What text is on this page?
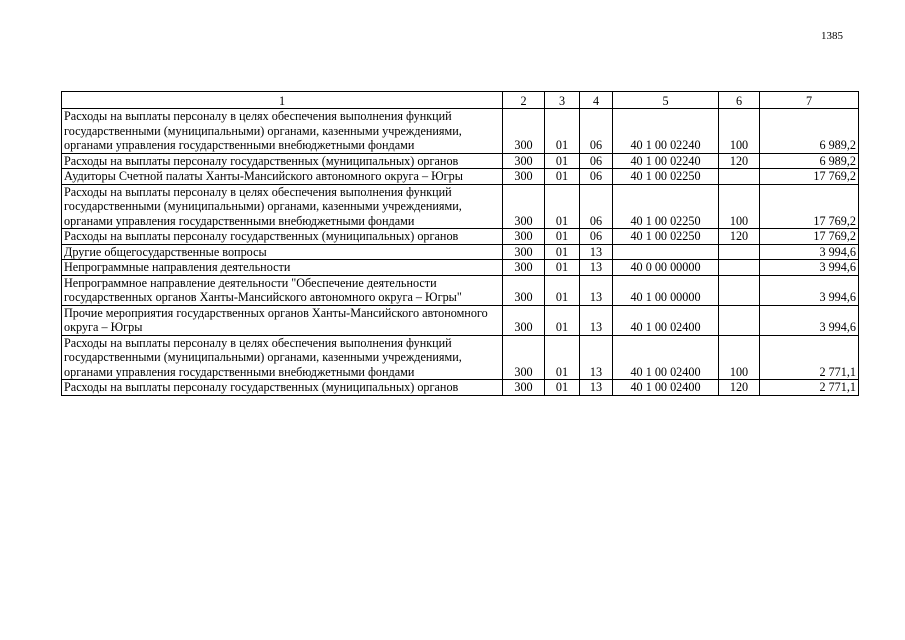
1385
1	2	3	4	5	6	7
Расходы на выплаты персоналу в целях обеспечения выполнения функций государственными (муниципальными) органами, казенными учреждениями, органами управления государственными внебюджетными фондами	300	01	06	40 1 00 02240	100	6 989,2
Расходы на выплаты персоналу государственных (муниципальных) органов	300	01	06	40 1 00 02240	120	6 989,2
Аудиторы Счетной палаты Ханты-Мансийского автономного округа – Югры	300	01	06	40 1 00 02250		17 769,2
Расходы на выплаты персоналу в целях обеспечения выполнения функций государственными (муниципальными) органами, казенными учреждениями, органами управления государственными внебюджетными фондами	300	01	06	40 1 00 02250	100	17 769,2
Расходы на выплаты персоналу государственных (муниципальных) органов	300	01	06	40 1 00 02250	120	17 769,2
Другие общегосударственные вопросы	300	01	13			3 994,6
Непрограммные направления деятельности	300	01	13	40 0 00 00000		3 994,6
Непрограммное направление деятельности "Обеспечение деятельности государственных органов Ханты-Мансийского автономного округа – Югры"	300	01	13	40 1 00 00000		3 994,6
Прочие мероприятия государственных органов Ханты-Мансийского автономного округа – Югры	300	01	13	40 1 00 02400		3 994,6
Расходы на выплаты персоналу в целях обеспечения выполнения функций государственными (муниципальными) органами, казенными учреждениями, органами управления государственными внебюджетными фондами	300	01	13	40 1 00 02400	100	2 771,1
Расходы на выплаты персоналу государственных (муниципальных) органов	300	01	13	40 1 00 02400	120	2 771,1
